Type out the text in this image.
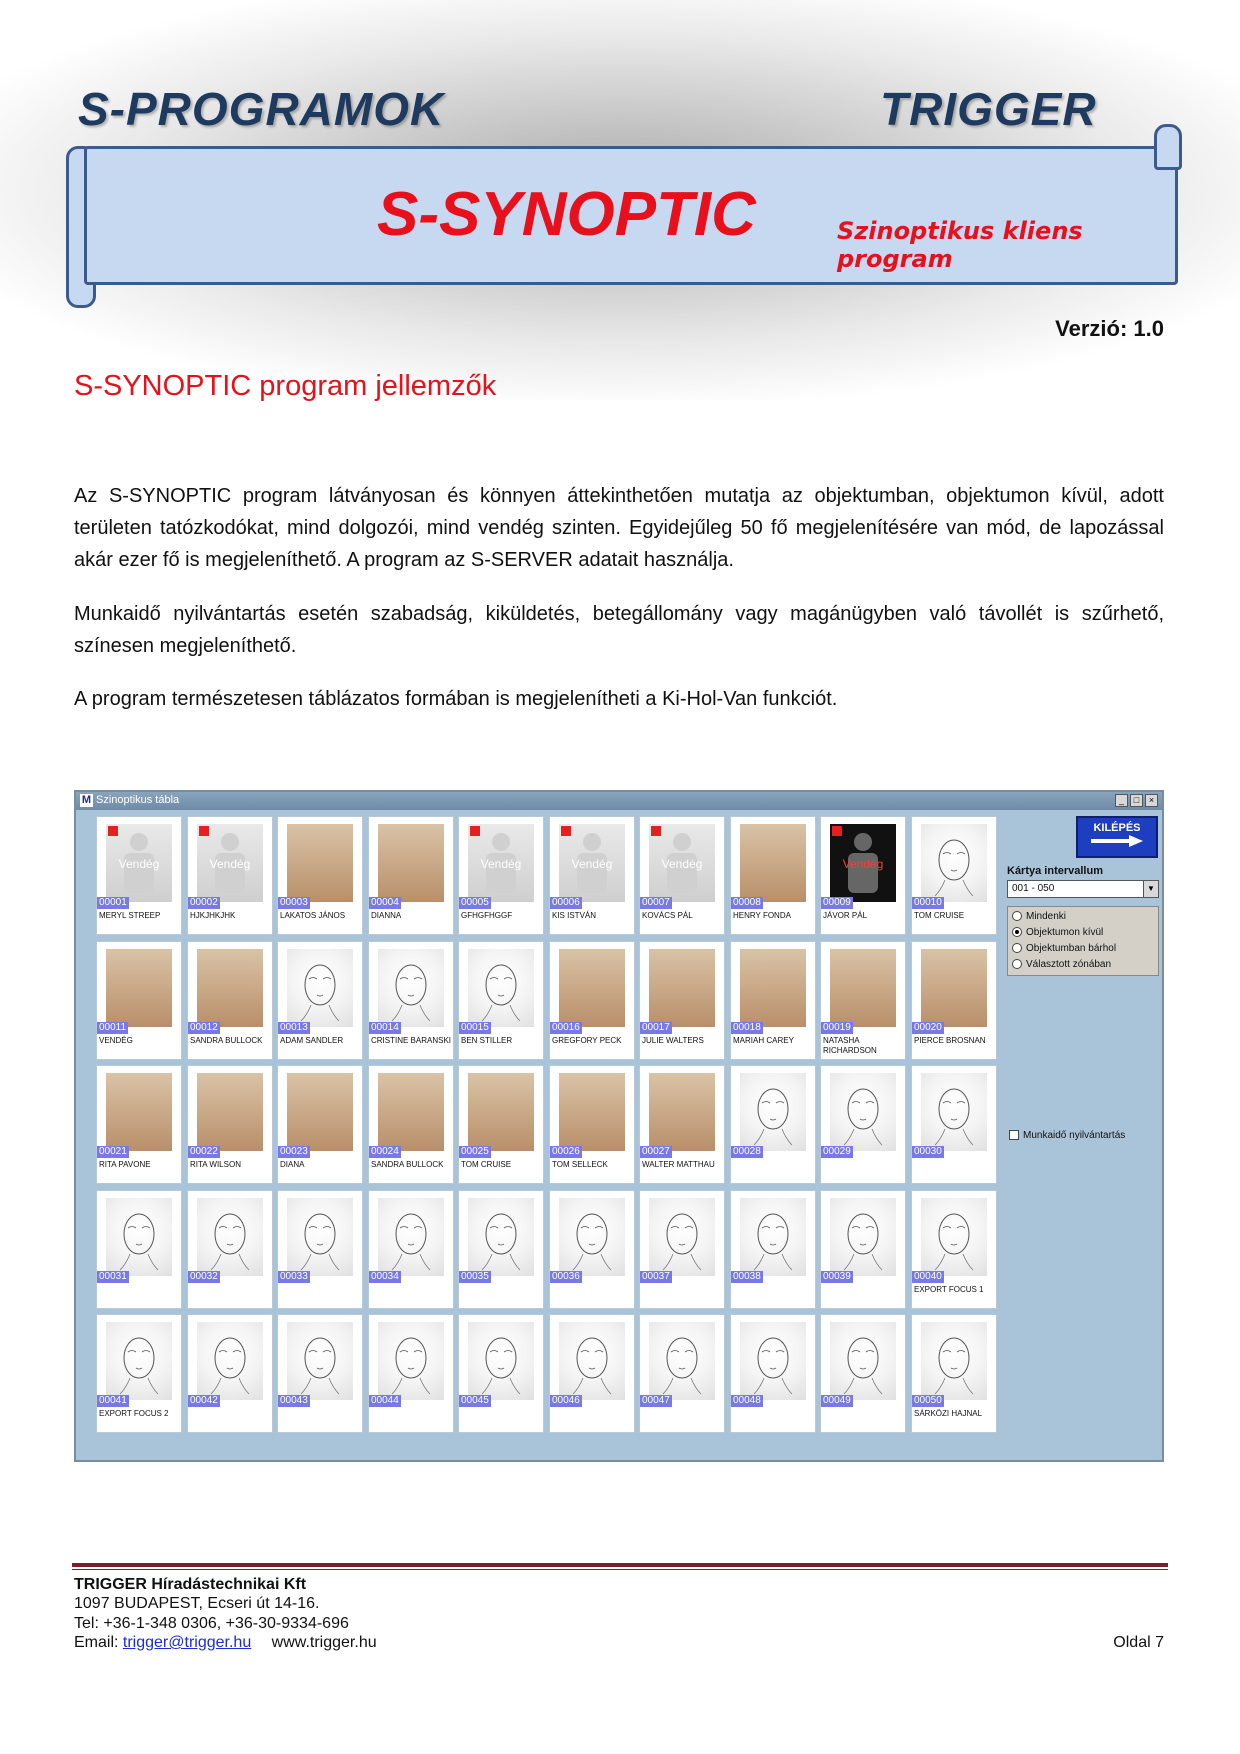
S-PROGRAMOK	TRIGGER
S-SYNOPTIC	Szinoptikus kliens program
Verzió: 1.0
S-SYNOPTIC program jellemzők
Az S-SYNOPTIC program látványosan és könnyen áttekinthetően mutatja az objektumban, objektumon kívül, adott területen tatózkodókat, mind dolgozói, mind vendég szinten. Egyidejűleg 50 fő megjelenítésére van mód, de lapozással akár ezer fő is megjeleníthető. A program az S-SERVER adatait használja.
Munkaidő nyilvántartás esetén szabadság, kiküldetés, betegállomány vagy magánügyben való távollét is szűrhető, színesen megjeleníthető.
A program természetesen táblázatos formában is megjelenítheti a Ki-Hol-Van funkciót.
M Szinoptikus tábla	_	□	×
Vendég
00001
MERYL STREEP
Vendég
00002
HJKJHKJHK
00003
LAKATOS JÁNOS
00004
DIANNA
Vendég
00005
GFHGFHGGF
Vendég
00006
KIS ISTVÁN
Vendég
00007
KOVÁCS PÁL
00008
HENRY FONDA
Vendég
00009
JÁVOR PÁL
00010
TOM CRUISE
00011
VENDÉG
00012
SANDRA BULLOCK
00013
ADAM SANDLER
00014
CRISTINE BARANSKI
00015
BEN STILLER
00016
GREGFORY PECK
00017
JULIE WALTERS
00018
MARIAH CAREY
00019
NATASHA RICHARDSON
00020
PIERCE BROSNAN
00021
RITA PAVONE
00022
RITA WILSON
00023
DIANA
00024
SANDRA BULLOCK
00025
TOM CRUISE
00026
TOM SELLECK
00027
WALTER MATTHAU
00028	00029	00030
00031	00032	00033	00034	00035	00036	00037	00038	00039	00040
EXPORT FOCUS 1
00041
EXPORT FOCUS 2
00042	00043	00044	00045	00046	00047	00048	00049	00050
SÁRKÖZI HAJNAL
KILÉPÉS
Kártya intervallum
001 - 050	▼
Mindenki
Objektumon kívül
Objektumban bárhol
Választott zónában
Munkaidő nyilvántartás
TRIGGER Híradástechnikai Kft
1097 BUDAPEST, Ecseri út 14-16.
Tel: +36-1-348 0306, +36-30-9334-696
Email: trigger@trigger.hu www.trigger.hu	Oldal 7
